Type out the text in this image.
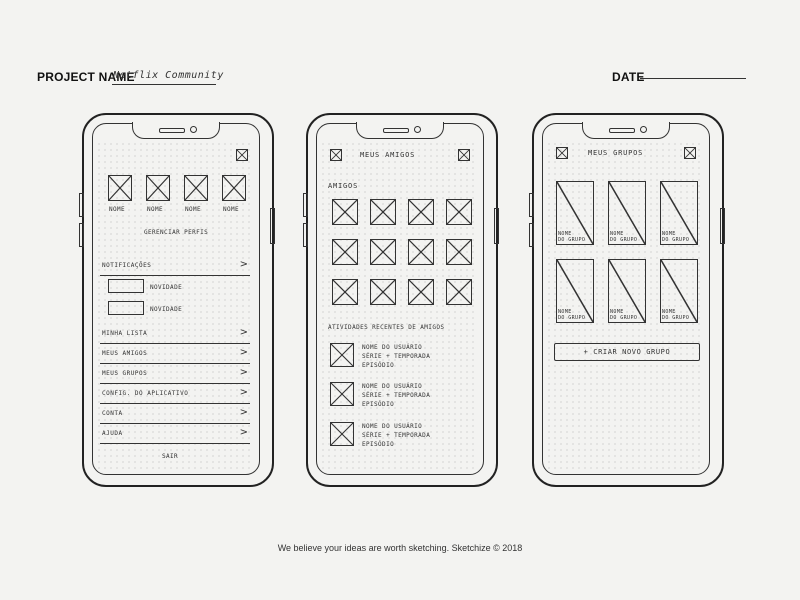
PROJECT NAME
Netflix Community	DATE
NOME	NOME	NOME	NOME
GERENCIAR PERFIS
NOTIFICAÇÕES	>
NOVIDADE
NOVIDADE
MINHA LISTA	>
MEUS AMIGOS	>
MEUS GRUPOS	>
CONFIG. DO APLICATIVO	>
CONTA	>
AJUDA	>
SAIR
MEUS AMIGOS
AMIGOS
ATIVIDADES RECENTES DE AMIGOS
NOME DO USUÁRIO
SÉRIE + TEMPORADA
EPISÓDIO
NOME DO USUÁRIO
SÉRIE + TEMPORADA
EPISÓDIO
NOME DO USUÁRIO
SÉRIE + TEMPORADA
EPISÓDIO
MEUS GRUPOS
NOME
DO GRUPO
NOME
DO GRUPO
NOME
DO GRUPO
NOME
DO GRUPO
NOME
DO GRUPO
NOME
DO GRUPO
+ CRIAR NOVO GRUPO
We believe your ideas are worth sketching. Sketchize © 2018
